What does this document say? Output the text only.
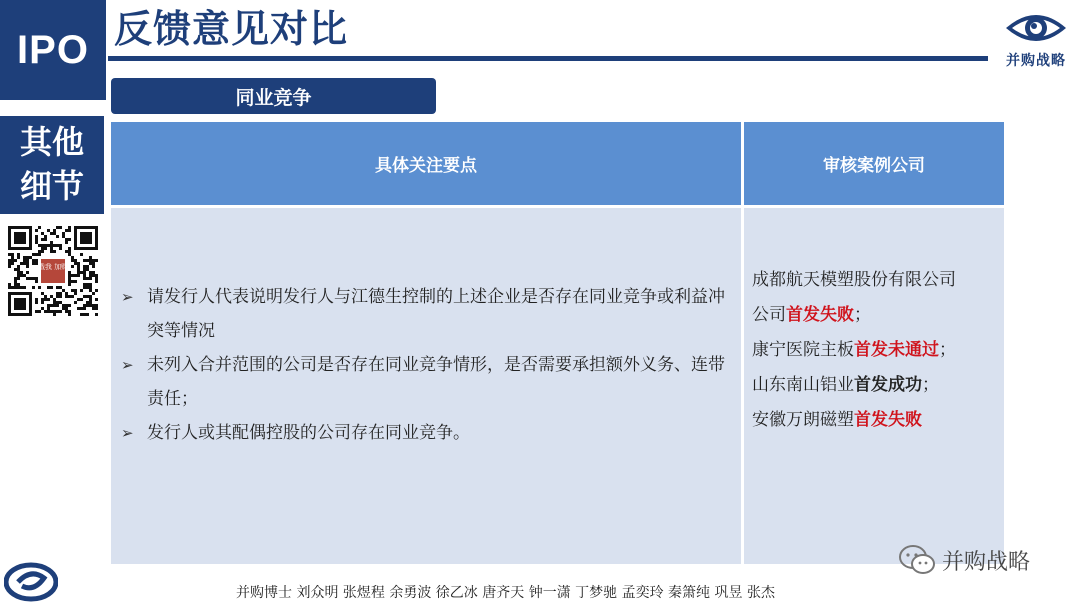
IPO 反馈意见对比
并购战略
同业竞争
其他
细节
戳我 加购
具体关注要点	审核案例公司
➢ 请发行人代表说明发行人与江德生控制的上述企业是否存在同业竞争或利益冲突等情况
➢ 未列入合并范围的公司是否存在同业竞争情形，是否需要承担额外义务、连带责任；
➢ 发行人或其配偶控股的公司存在同业竞争。
成都航天模塑股份有限公司
公司首发失败；
康宁医院主板首发未通过；
山东南山铝业首发成功；
安徽万朗磁塑首发失败
并购博士 刘众明 张煜程 余勇波 徐乙冰 唐齐天 钟一潇 丁梦驰 孟奕玲 秦箫纯 巩昱 张杰
并购战略
